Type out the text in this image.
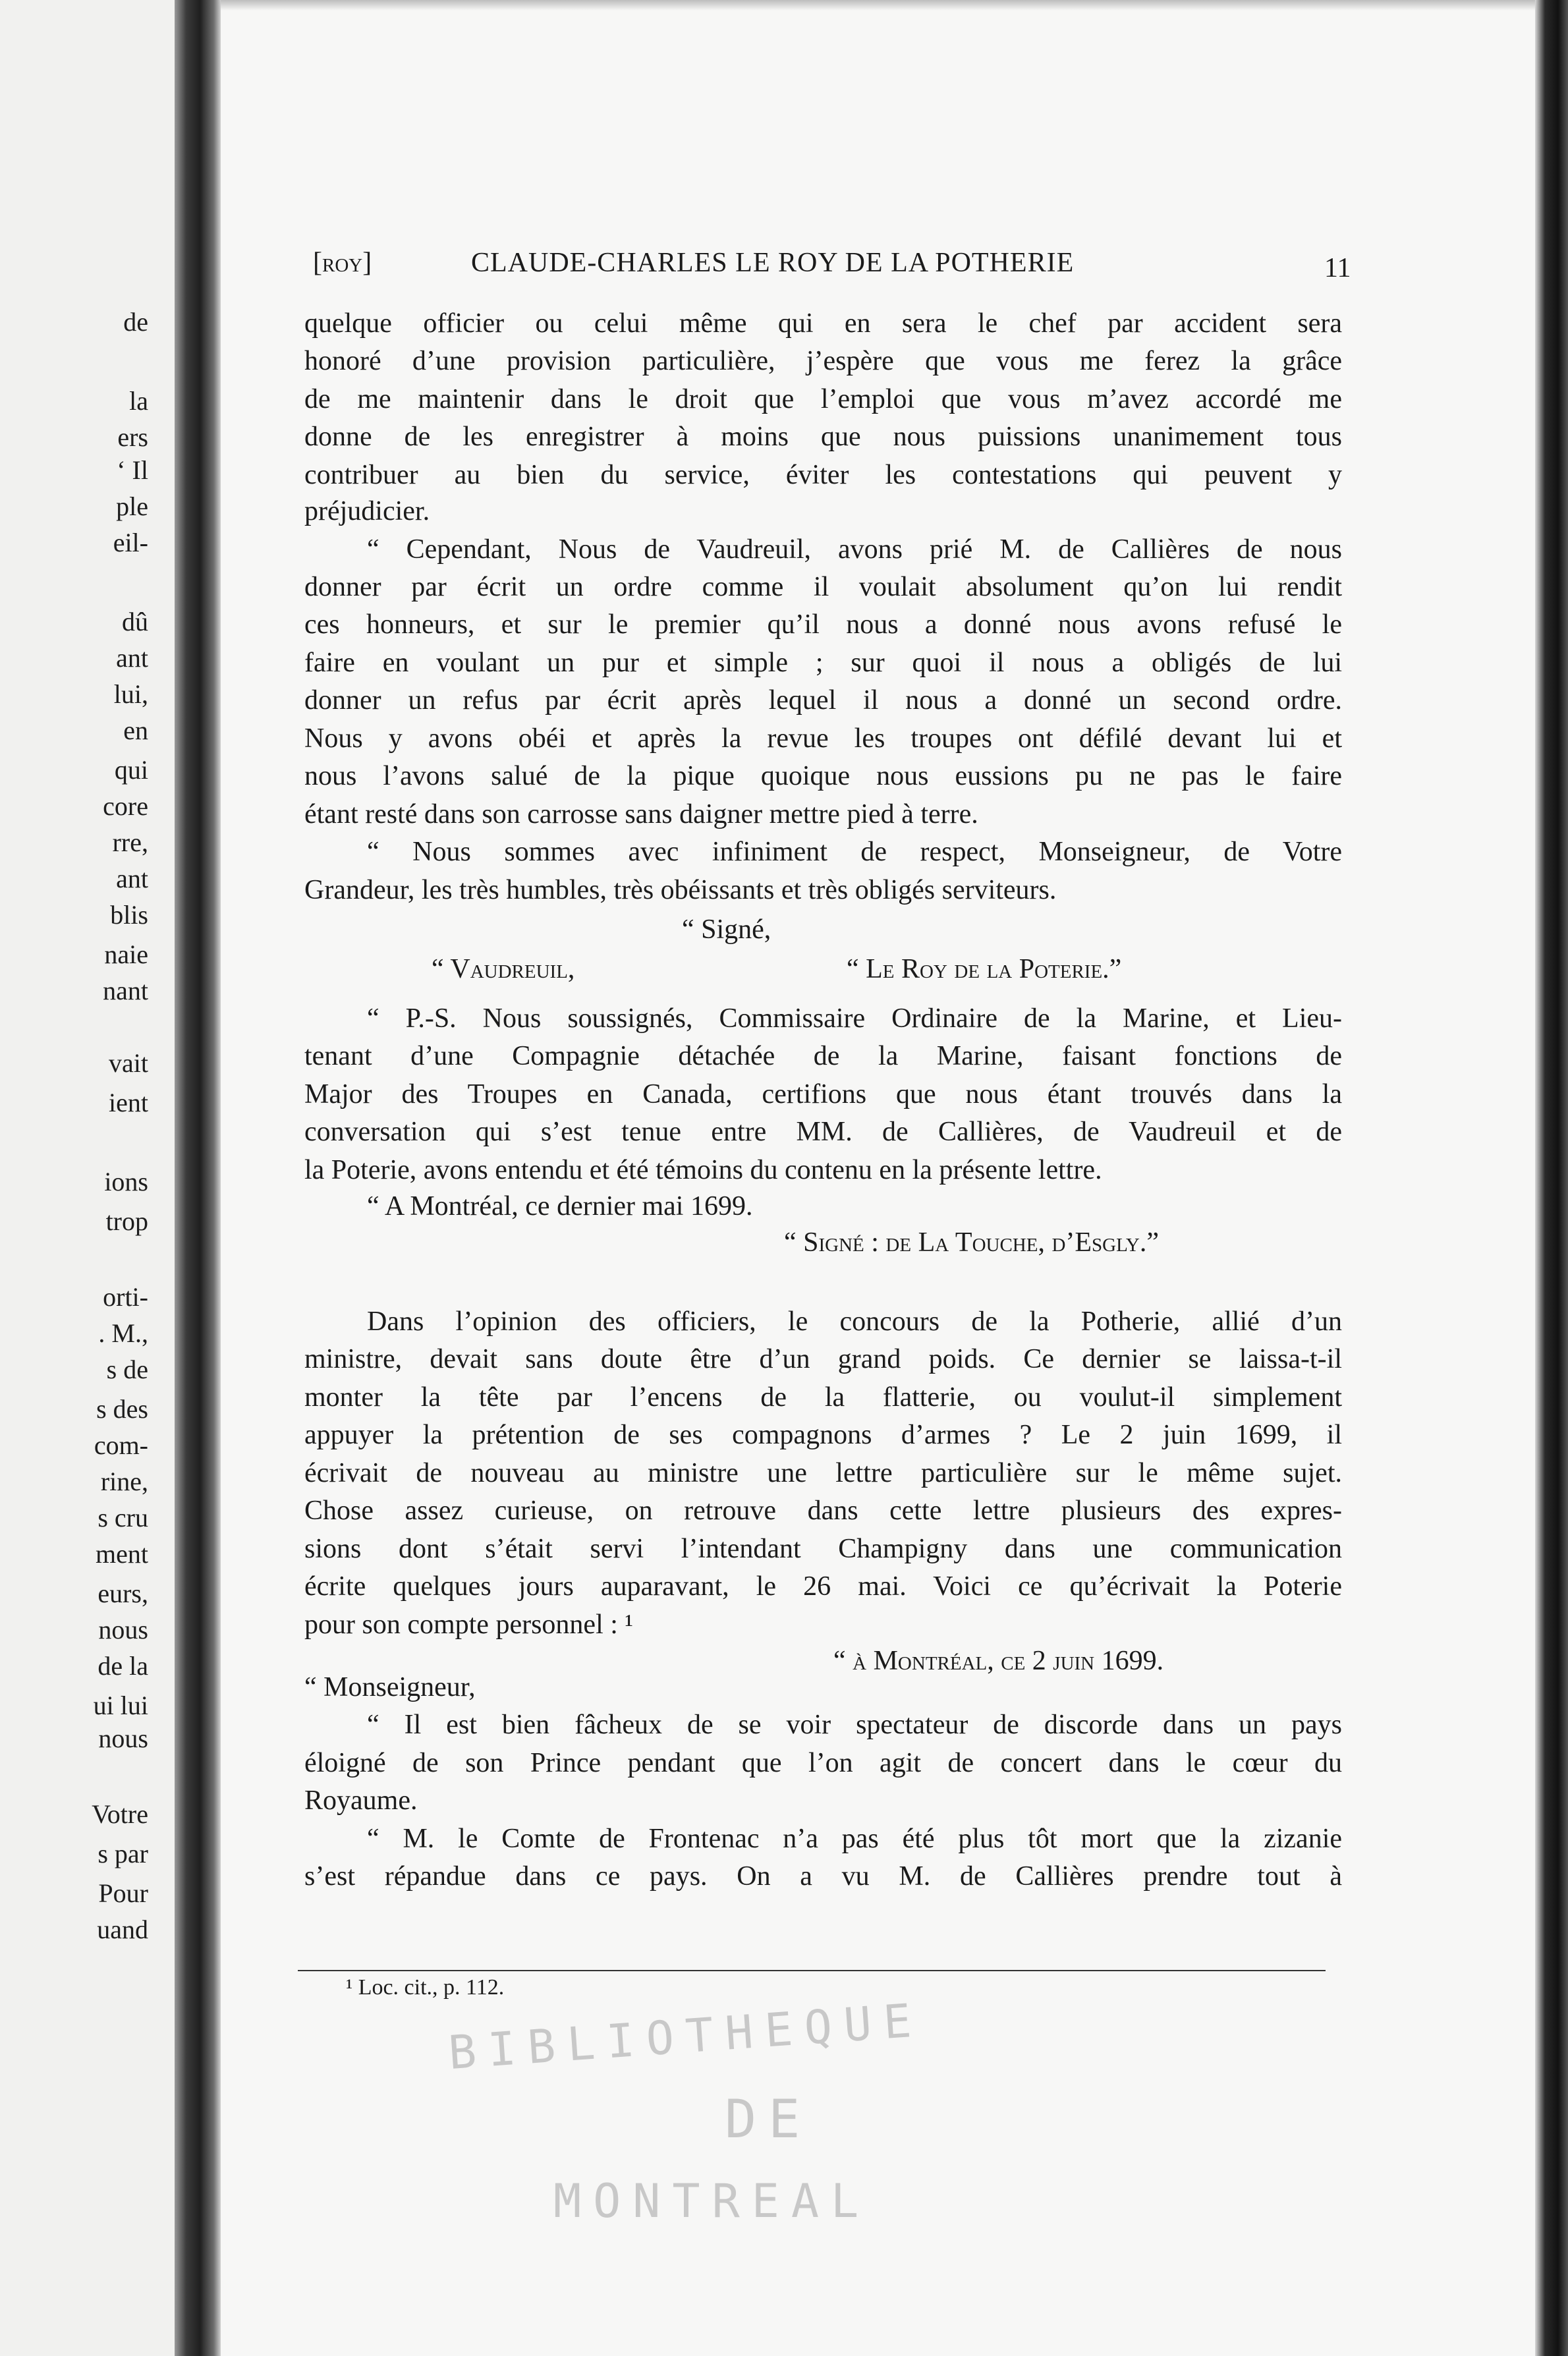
de
la
ers
‘ Il
ple
eil-
dû
ant
lui,
en
qui
core
rre,
ant
blis
naie
nant
vait
ient
ions
trop
orti-
. M.,
s de
s des
com-
rine,
s cru
ment
eurs,
nous
de la
ui lui
nous
Votre
s par
Pour
uand
[roy]	CLAUDE-CHARLES LE ROY DE LA POTHERIE	11
quelque officier ou celui même qui en sera le chef par accident sera
honoré d’une provision particulière, j’espère que vous me ferez la grâce
de me maintenir dans le droit que l’emploi que vous m’avez accordé me
donne de les enregistrer à moins que nous puissions unanimement tous
contribuer au bien du service, éviter les contestations qui peuvent y
préjudicier.
“ Cependant, Nous de Vaudreuil, avons prié M. de Callières de nous
donner par écrit un ordre comme il voulait absolument qu’on lui rendit
ces honneurs, et sur le premier qu’il nous a donné nous avons refusé le
faire en voulant un pur et simple ; sur quoi il nous a obligés de lui
donner un refus par écrit après lequel il nous a donné un second ordre.
Nous y avons obéi et après la revue les troupes ont défilé devant lui et
nous l’avons salué de la pique quoique nous eussions pu ne pas le faire
étant resté dans son carrosse sans daigner mettre pied à terre.
“ Nous sommes avec infiniment de respect, Monseigneur, de Votre
Grandeur, les très humbles, très obéissants et très obligés serviteurs.
“ Signé,
“ Vaudreuil,	“ Le Roy de la Poterie.”
“ P.-S. Nous soussignés, Commissaire Ordinaire de la Marine, et Lieu-
tenant d’une Compagnie détachée de la Marine, faisant fonctions de
Major des Troupes en Canada, certifions que nous étant trouvés dans la
conversation qui s’est tenue entre MM. de Callières, de Vaudreuil et de
la Poterie, avons entendu et été témoins du contenu en la présente lettre.
“ A Montréal, ce dernier mai 1699.
“ Signé : de La Touche, d’Esgly.”
Dans l’opinion des officiers, le concours de la Potherie, allié d’un
ministre, devait sans doute être d’un grand poids. Ce dernier se laissa-t-il
monter la tête par l’encens de la flatterie, ou voulut-il simplement
appuyer la prétention de ses compagnons d’armes ? Le 2 juin 1699, il
écrivait de nouveau au ministre une lettre particulière sur le même sujet.
Chose assez curieuse, on retrouve dans cette lettre plusieurs des expres-
sions dont s’était servi l’intendant Champigny dans une communication
écrite quelques jours auparavant, le 26 mai. Voici ce qu’écrivait la Poterie
pour son compte personnel : ¹
“ à Montréal, ce 2 juin 1699.
“ Monseigneur,
“ Il est bien fâcheux de se voir spectateur de discorde dans un pays
éloigné de son Prince pendant que l’on agit de concert dans le cœur du
Royaume.
“ M. le Comte de Frontenac n’a pas été plus tôt mort que la zizanie
s’est répandue dans ce pays. On a vu M. de Callières prendre tout à
¹ Loc. cit., p. 112.
BIBLIOTHEQUE
DE
MONTREAL
